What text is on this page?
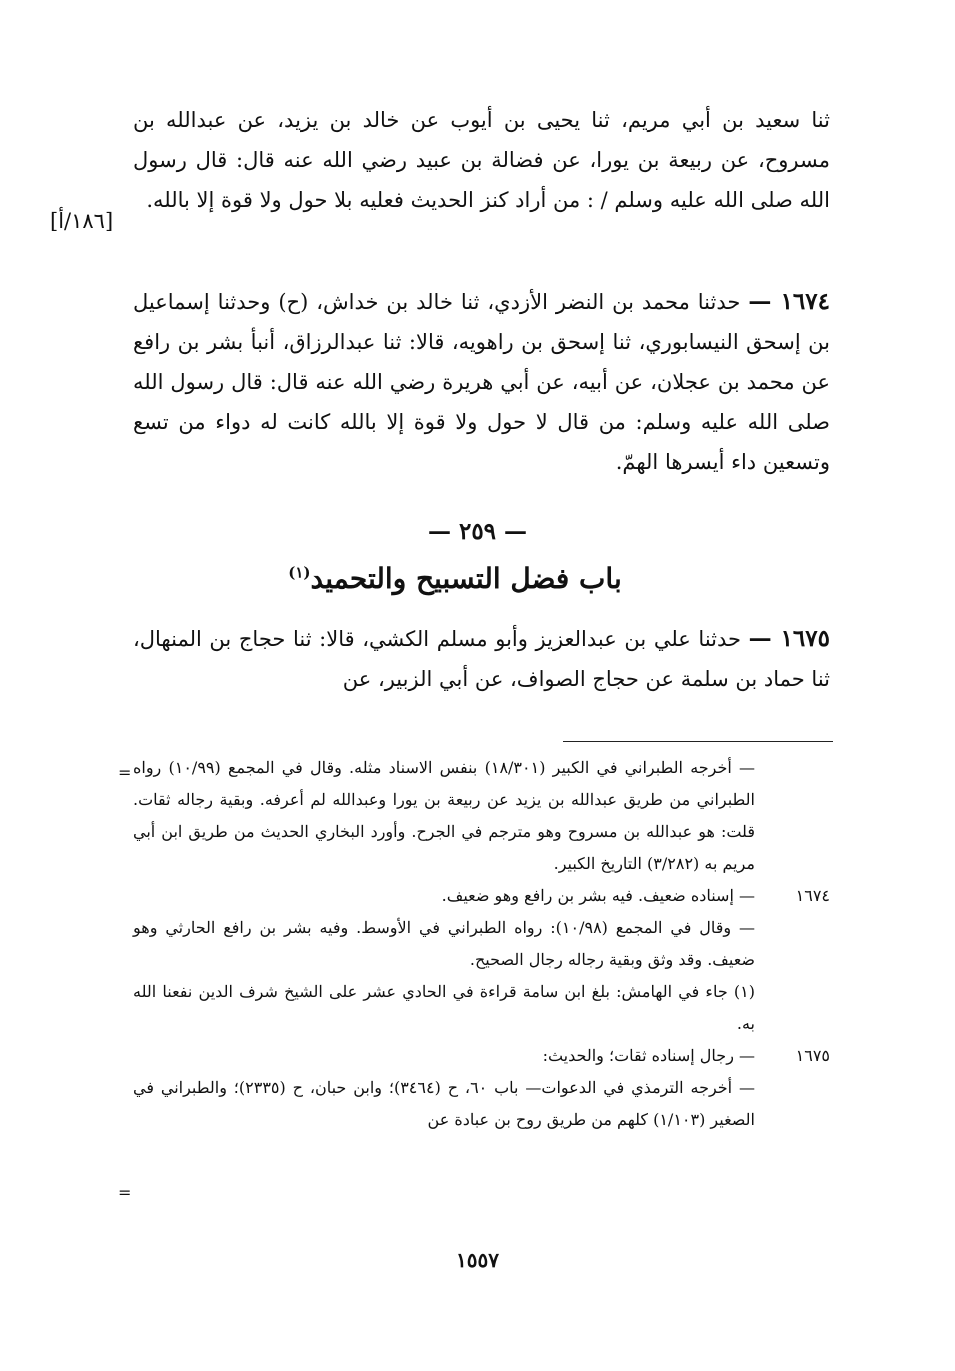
ثنا سعيد بن أبي مريم، ثنا يحيى بن أيوب عن خالد بن يزيد، عن عبدالله بن مسروح، عن ربيعة بن يورا، عن فضالة بن عبيد رضي الله عنه قال: قال رسول الله صلى الله عليه وسلم / : من أراد كنز الحديث فعليه بلا حول ولا قوة إلا بالله.

[١٨٦/أ]

١٦٧٤ — حدثنا محمد بن النضر الأزدي، ثنا خالد بن خداش، (ح) وحدثنا إسماعيل بن إسحق النيسابوري، ثنا إسحق بن راهويه، قالا: ثنا عبدالرزاق، أنبأ بشر بن رافع عن محمد بن عجلان، عن أبيه، عن أبي هريرة رضي الله عنه قال: قال رسول الله صلى الله عليه وسلم: من قال لا حول ولا قوة إلا بالله كانت له دواء من تسع وتسعين داء أيسرها الهمّ.

— ٢٥٩ —
باب فضل التسبيح والتحميد$^{(١)}$

١٦٧٥ — حدثنا علي بن عبدالعزيز وأبو مسلم الكشي، قالا: ثنا حجاج بن المنهال، ثنا حماد بن سلمة عن حجاج الصواف، عن أبي الزبير، عن

= — أخرجه الطبراني في الكبير (١٨/٣٠١) بنفس الاسناد مثله. وقال في المجمع (١٠/٩٩) رواه الطبراني من طريق عبدالله بن يزيد عن ربيعة بن يورا وعبدالله لم أعرفه. وبقية رجاله ثقات. قلت: هو عبدالله بن مسروح وهو مترجم في الجرح. وأورد البخاري الحديث من طريق ابن أبي مريم به (٣/٢٨٢) التاريخ الكبير.
١٦٧٤
— إسناده ضعيف. فيه بشر بن رافع وهو ضعيف.
— وقال في المجمع (١٠/٩٨): رواه الطبراني في الأوسط. وفيه بشر بن رافع الحارثي وهو ضعيف. وقد وثق وبقية رجاله رجال الصحيح.
(١) جاء في الهامش: بلغ ابن سامة قراءة في الحادي عشر على الشيخ شرف الدين نفعنا الله به.
١٦٧٥
— رجال إسناده ثقات؛ والحديث:
— أخرجه الترمذي في الدعوات— باب ٦٠، ح (٣٤٦٤)؛ وابن حبان، ح (٢٣٣٥)؛ والطبراني في الصغير (١/١٠٣) كلهم من طريق روح بن عبادة عن
=
١٥٥٧
